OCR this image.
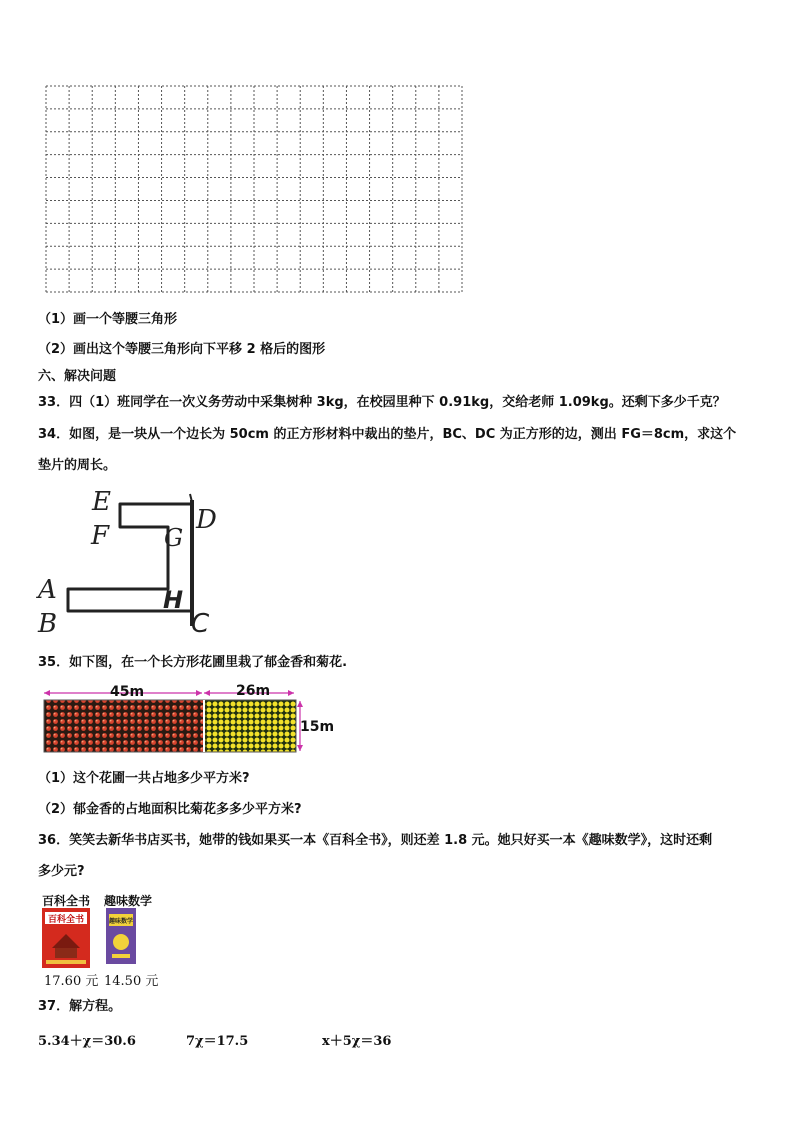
（1）画一个等腰三角形
（2）画出这个等腰三角形向下平移 2 格后的图形
六、解决问题
33．四（1）班同学在一次义务劳动中采集树种 3kg，在校园里种下 0.91kg，交给老师 1.09kg。还剩下多少千克？
34．如图，是一块从一个边长为 50cm 的正方形材料中裁出的垫片，BC、DC 为正方形的边，测出 FG＝8cm，求这个
垫片的周长。
E
F G
D
A
B
H
C
35．如下图，在一个长方形花圃里栽了郁金香和菊花.
45m	26m
15m
（1）这个花圃一共占地多少平方米?
（2）郁金香的占地面积比菊花多多少平方米?
36．笑笑去新华书店买书，她带的钱如果买一本《百科全书》，则还差 1.8 元。她只好买一本《趣味数学》，这时还剩
多少元?
百科全书 趣味数学
百科全书	趣味数学
17.60 元 14.50 元
37．解方程。
5.34＋χ＝30.6	7χ＝17.5	x＋5χ＝36
